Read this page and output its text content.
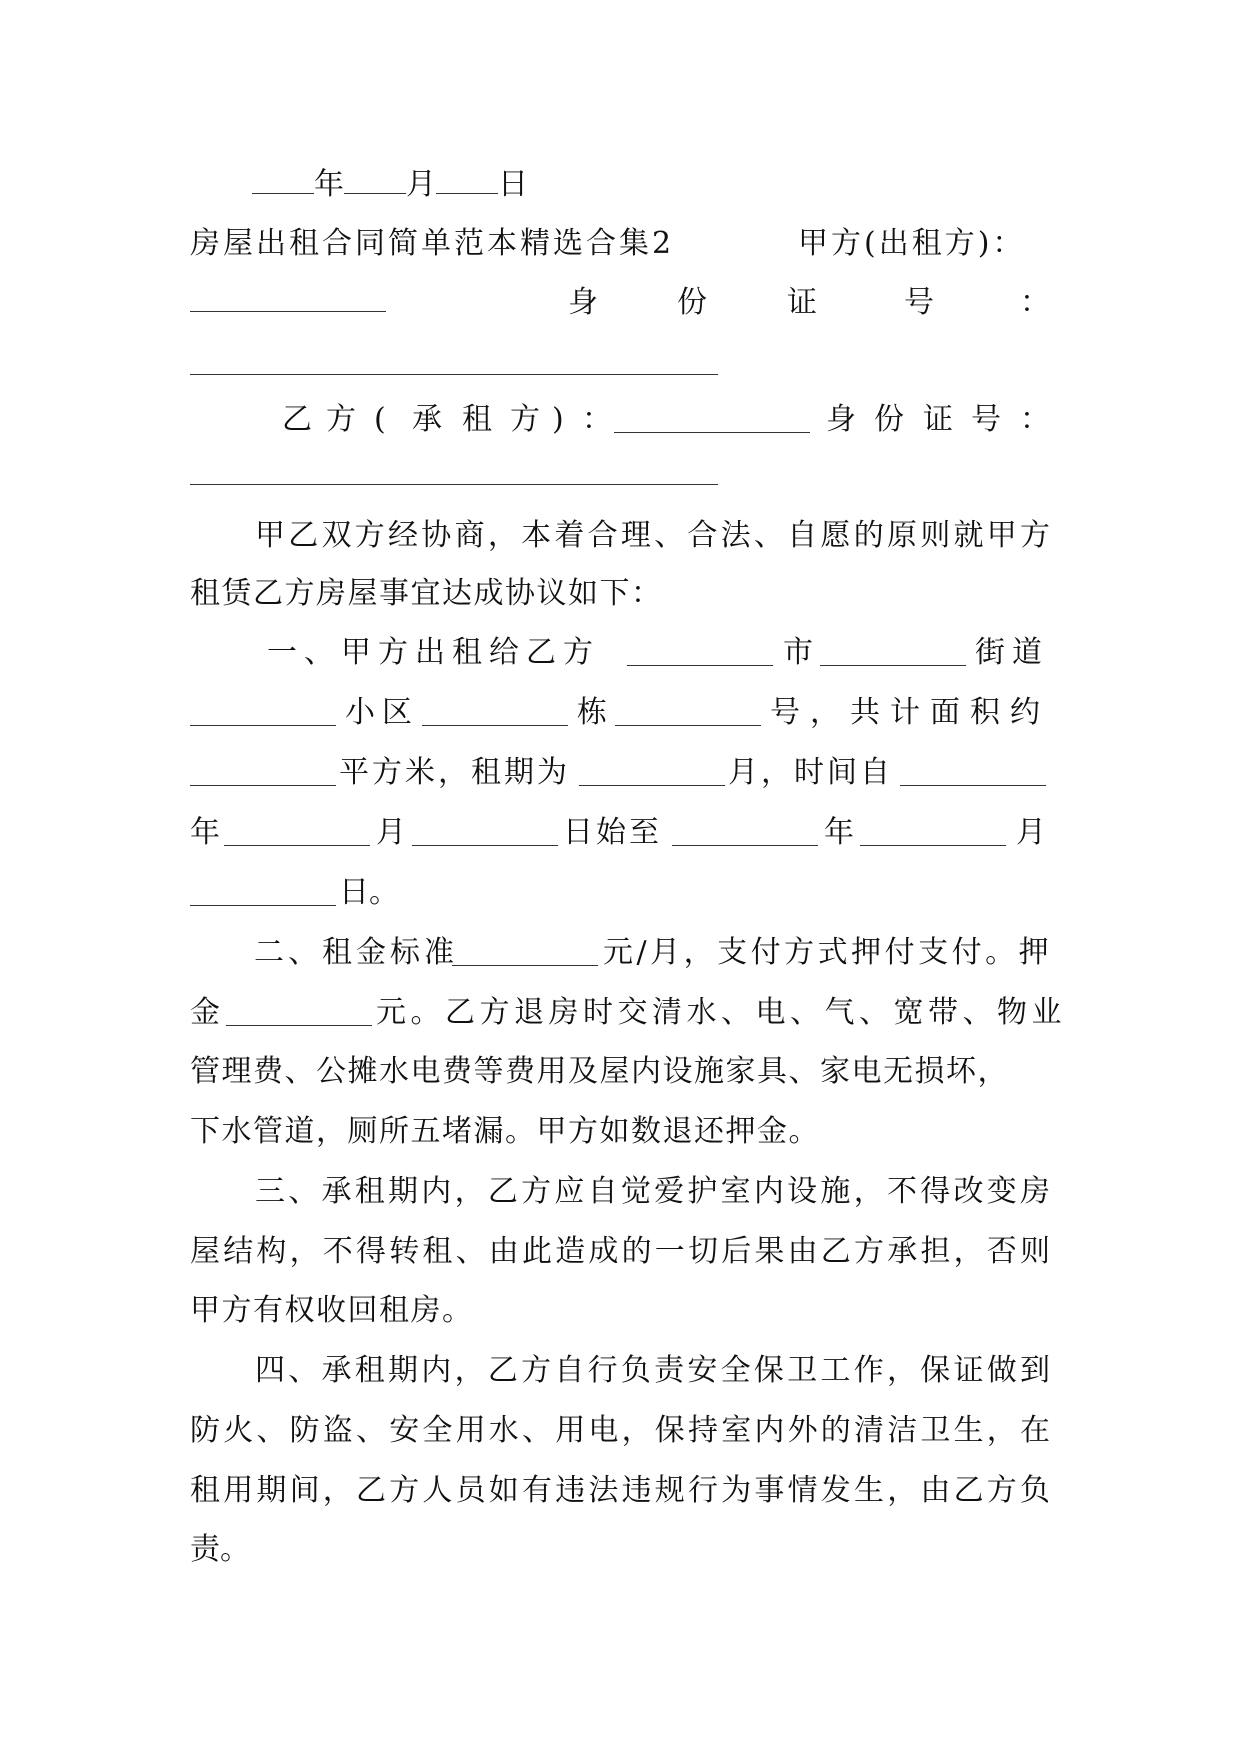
年 月 日
房屋出租合同简单范本精选合集2	甲方(出租方)：
身	份	证	号	：
乙 方 ( 承 租 方 ) ：	身 份 证 号 ：
甲乙双方经协商，本着合理、合法、自愿的原则就甲方
租赁乙方房屋事宜达成协议如下：
一、甲方出租给乙方	市	街道
小区	栋	号，共计面积约
平方米，租期为	月，时间自
年	月	日始至	年	月
日。
二、租金标准	元/月，支付方式押付支付。押
金	元。乙方退房时交清水、电、气、宽带、物业
管理费、公摊水电费等费用及屋内设施家具、家电无损坏，
下水管道，厕所五堵漏。甲方如数退还押金。
三、承租期内，乙方应自觉爱护室内设施，不得改变房
屋结构，不得转租、由此造成的一切后果由乙方承担，否则
甲方有权收回租房。
四、承租期内，乙方自行负责安全保卫工作，保证做到
防火、防盗、安全用水、用电，保持室内外的清洁卫生，在
租用期间，乙方人员如有违法违规行为事情发生，由乙方负
责。
